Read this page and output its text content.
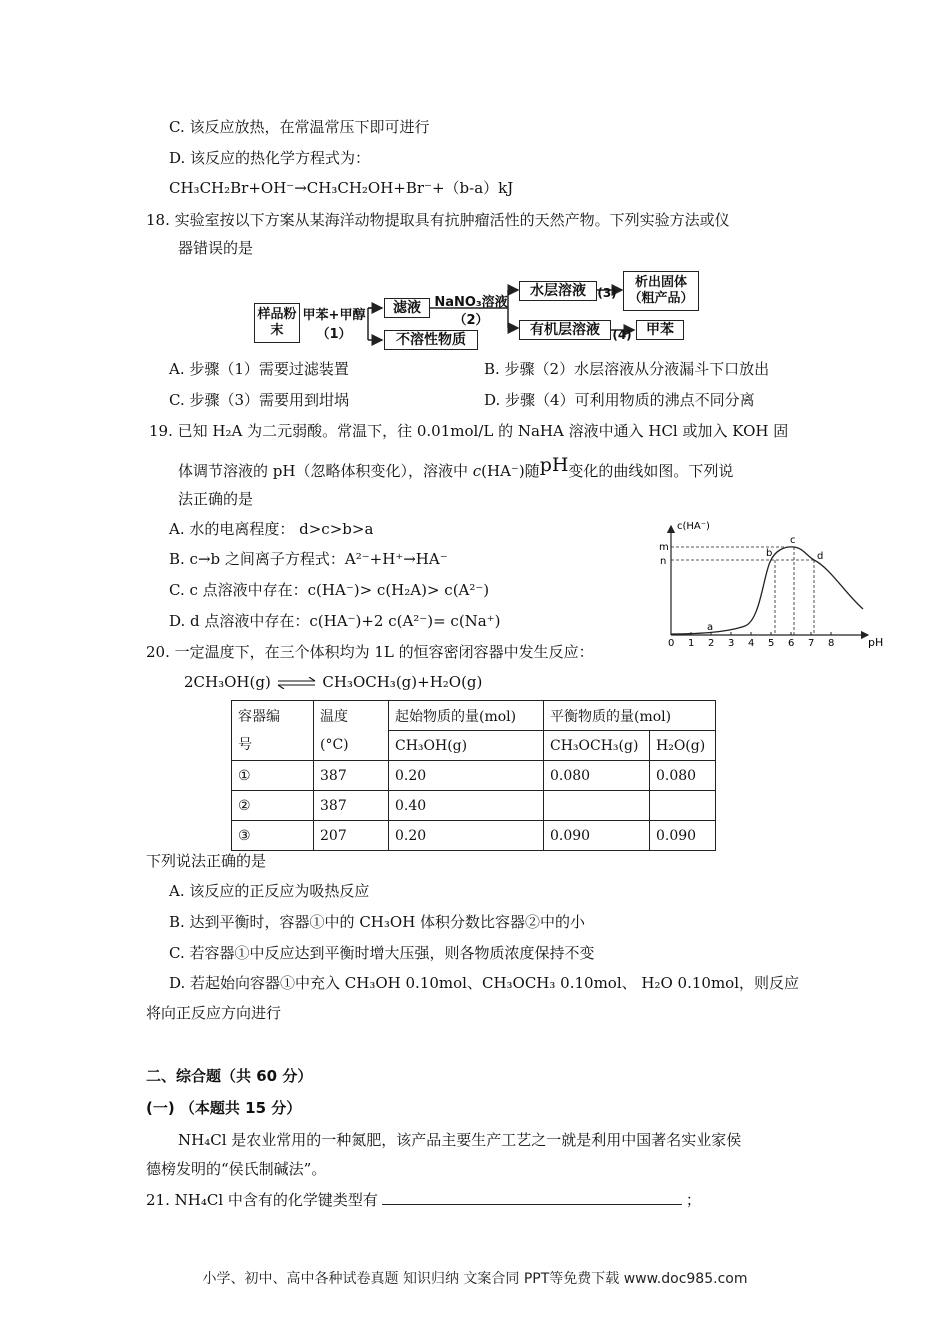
C. 该反应放热，在常温常压下即可进行
D. 该反应的热化学方程式为：
CH₃CH₂Br+OH⁻→CH₃CH₂OH+Br⁻+（b-a）kJ
18. 实验室按以下方案从某海洋动物提取具有抗肿瘤活性的天然产物。下列实验方法或仪
器错误的是
样品粉末
甲苯+甲醇
（1）
滤液
不溶性物质
NaNO₃溶液
（2）
水层溶液
有机层溶液
(3)
(4)
析出固体（粗产品）
甲苯
A. 步骤（1）需要过滤装置	B. 步骤（2）水层溶液从分液漏斗下口放出
C. 步骤（3）需要用到坩埚	D. 步骤（4）可利用物质的沸点不同分离
19. 已知 H₂A 为二元弱酸。常温下，往 0.01mol/L 的 NaHA 溶液中通入 HCl 或加入 KOH 固
体调节溶液的 pH（忽略体积变化），溶液中 c(HA⁻)随pH变化的曲线如图。下列说
法正确的是
A. 水的电离程度： d>c>b>a
B. c→b 之间离子方程式：A²⁻+H⁺→HA⁻
C. c 点溶液中存在：c(HA⁻)> c(H₂A)> c(A²⁻)
D. d 点溶液中存在：c(HA⁻)+2 c(A²⁻)= c(Na⁺)
c(HA⁻)
pH
m
n
0 1 2 3 4 5 6 7 8
a
b
c
d
20. 一定温度下，在三个体积均为 1L 的恒容密闭容器中发生反应：
2CH₃OH(g) ⇌ CH₃OCH₃(g)+H₂O(g)
容器编
号	温度
(°C)	起始物质的量(mol)	平衡物质的量(mol)	
		CH₃OH(g)	CH₃OCH₃(g)	H₂O(g)
①	387	0.20	0.080	0.080
②	387	0.40		
③	207	0.20	0.090	0.090
下列说法正确的是
A. 该反应的正反应为吸热反应
B. 达到平衡时，容器①中的 CH₃OH 体积分数比容器②中的小
C. 若容器①中反应达到平衡时增大压强，则各物质浓度保持不变
D. 若起始向容器①中充入 CH₃OH 0.10mol、CH₃OCH₃ 0.10mol、 H₂O 0.10mol，则反应
将向正反应方向进行
二、综合题（共 60 分）
(一) （本题共 15 分）
NH₄Cl 是农业常用的一种氮肥，该产品主要生产工艺之一就是利用中国著名实业家侯
德榜发明的“侯氏制碱法”。
21. NH₄Cl 中含有的化学键类型有	；
小学、初中、高中各种试卷真题 知识归纳 文案合同 PPT等免费下载 www.doc985.com
